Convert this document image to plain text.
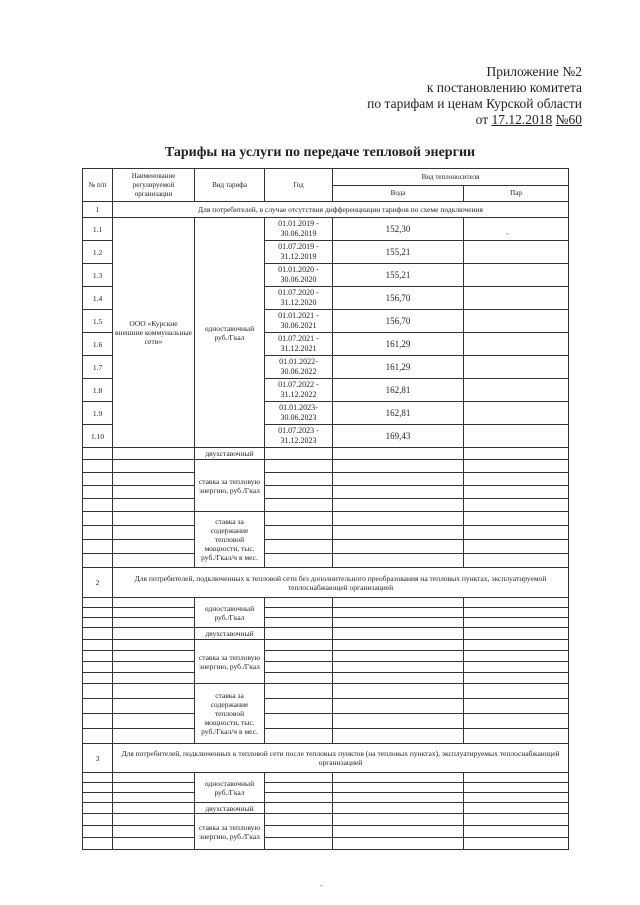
Приложение №2
к постановлению комитета
по тарифам и ценам Курской области
от 17.12.2018 №60
Тарифы на услуги по передаче тепловой энергии
№ п/п	Наименование регулируемой организации	Вид тарифа	Год	Вид теплоносителя	
				Вода	Пар
1	Для потребителей, в случае отсутствия дифференциации тарифов по схеме подключения				
1.1	ООО «Курские внешние коммунальные сети»	одноставочный руб./Гкал	01.01.2019 - 30.06.2019	152,30	
1.2			01.07.2019 - 31.12.2019	155,21	
1.3			01.01.2020 - 30.06.2020	155,21	
1.4			01.07.2020 - 31.12.2020	156,70	
1.5			01.01.2021 - 30.06.2021	156,70	
1.6			01.07.2021 - 31.12.2021	161,29	
1.7			01.01.2022- 30.06.2022	161,29	
1.8			01.07.2022 - 31.12.2022	162,81	
1.9			01.01.2023- 30.06.2023	162,81	
1.10			01.07.2023 - 31.12.2023	169,43	
		двухставочный			
		ставка за тепловую энергию, руб./Гкал			

		ставка за содержание тепловой мощности, тыс. руб./Гкал/ч в мес.			

2	Для потребителей, подключенных к тепловой сети без дополнительного преобразования на тепловых пунктах, эксплуатируемой теплоснабжающей организацией				
		одноставочный руб./Гкал			

		двухставочный			
		ставка за тепловую энергию, руб./Гкал			

		ставка за содержание тепловой мощности, тыс. руб./Гкал/ч в мес.			

3	Для потребителей, подключенных к тепловой сети после тепловых пунктов (на тепловых пунктах), эксплуатируемых теплоснабжающей организацией				
		одноставочный руб./Гкал			

		двухставочный			
		ставка за тепловую энергию, руб./Гкал			

-
-
